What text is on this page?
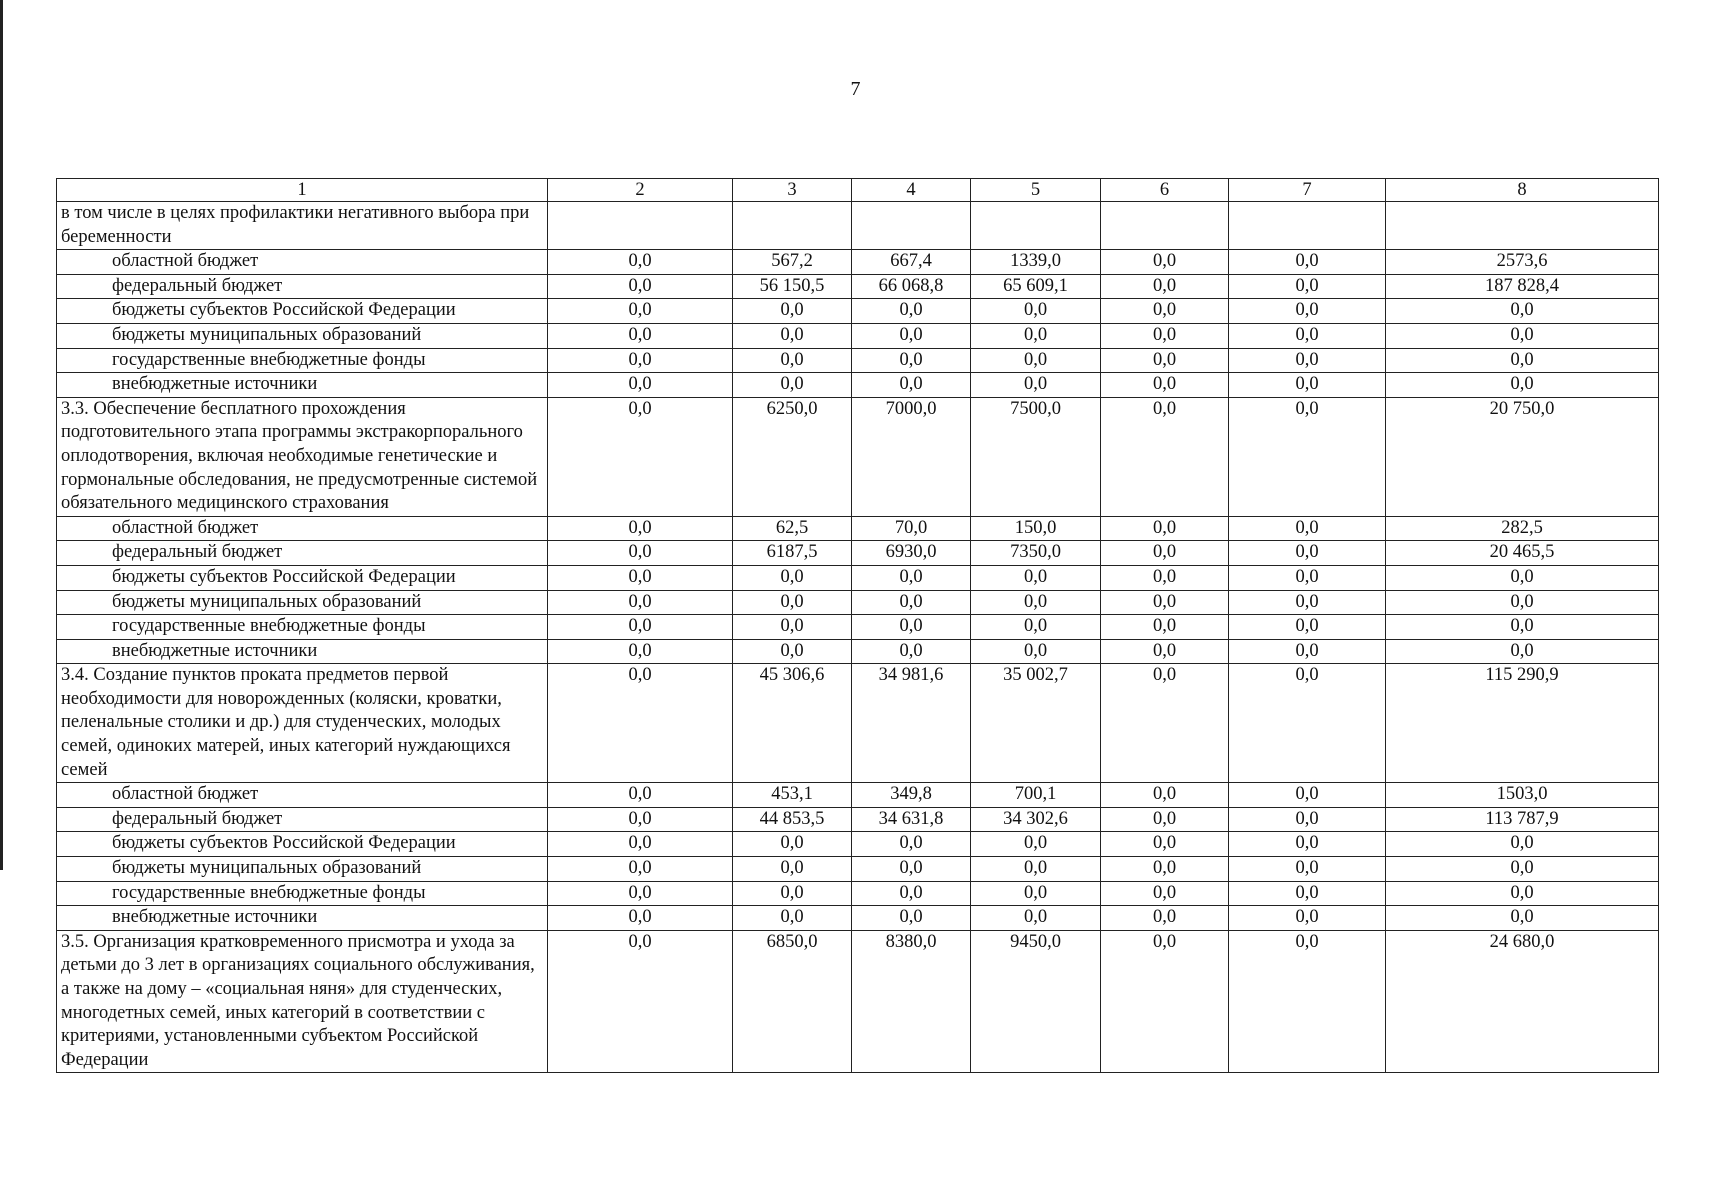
7
1	2	3	4	5	6	7	8
в том числе в целях профилактики негативного выбора при беременности							
областной бюджет	0,0	567,2	667,4	1339,0	0,0	0,0	2573,6
федеральный бюджет	0,0	56 150,5	66 068,8	65 609,1	0,0	0,0	187 828,4
бюджеты субъектов Российской Федерации	0,0	0,0	0,0	0,0	0,0	0,0	0,0
бюджеты муниципальных образований	0,0	0,0	0,0	0,0	0,0	0,0	0,0
государственные внебюджетные фонды	0,0	0,0	0,0	0,0	0,0	0,0	0,0
внебюджетные источники	0,0	0,0	0,0	0,0	0,0	0,0	0,0
3.3. Обеспечение бесплатного прохождения подготовительного этапа программы экстракорпорального оплодотворения, включая необходимые генетические и гормональные обследования, не предусмотренные системой обязательного медицинского страхования	0,0	6250,0	7000,0	7500,0	0,0	0,0	20 750,0
областной бюджет	0,0	62,5	70,0	150,0	0,0	0,0	282,5
федеральный бюджет	0,0	6187,5	6930,0	7350,0	0,0	0,0	20 465,5
бюджеты субъектов Российской Федерации	0,0	0,0	0,0	0,0	0,0	0,0	0,0
бюджеты муниципальных образований	0,0	0,0	0,0	0,0	0,0	0,0	0,0
государственные внебюджетные фонды	0,0	0,0	0,0	0,0	0,0	0,0	0,0
внебюджетные источники	0,0	0,0	0,0	0,0	0,0	0,0	0,0
3.4. Создание пунктов проката предметов первой необходимости для новорожденных (коляски, кроватки, пеленальные столики и др.) для студенческих, молодых семей, одиноких матерей, иных категорий нуждающихся семей	0,0	45 306,6	34 981,6	35 002,7	0,0	0,0	115 290,9
областной бюджет	0,0	453,1	349,8	700,1	0,0	0,0	1503,0
федеральный бюджет	0,0	44 853,5	34 631,8	34 302,6	0,0	0,0	113 787,9
бюджеты субъектов Российской Федерации	0,0	0,0	0,0	0,0	0,0	0,0	0,0
бюджеты муниципальных образований	0,0	0,0	0,0	0,0	0,0	0,0	0,0
государственные внебюджетные фонды	0,0	0,0	0,0	0,0	0,0	0,0	0,0
внебюджетные источники	0,0	0,0	0,0	0,0	0,0	0,0	0,0
3.5. Организация кратковременного присмотра и ухода за детьми до 3 лет в организациях социального обслуживания, а также на дому – «социальная няня» для студенческих, многодетных семей, иных категорий в соответствии с критериями, установленными субъектом Российской Федерации	0,0	6850,0	8380,0	9450,0	0,0	0,0	24 680,0
